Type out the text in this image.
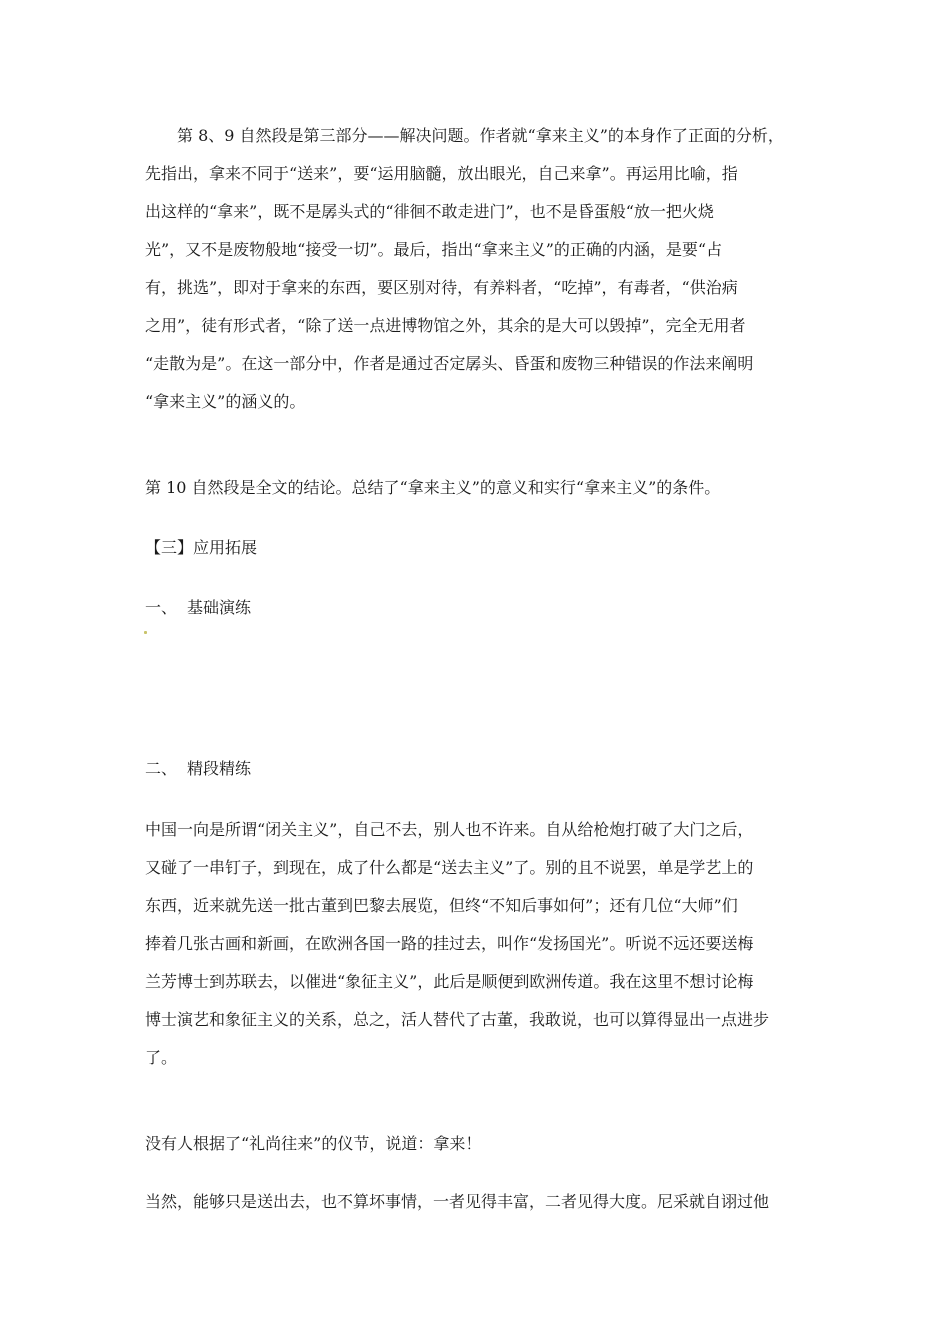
第 8、9 自然段是第三部分——解决问题。作者就“拿来主义”的本身作了正面的分析，
先指出，拿来不同于“送来”，要“运用脑髓，放出眼光，自己来拿”。再运用比喻，指
出这样的“拿来”，既不是孱头式的“徘徊不敢走进门”，也不是昏蛋般“放一把火烧
光”，又不是废物般地“接受一切”。最后，指出“拿来主义”的正确的内涵，是要“占
有，挑选”，即对于拿来的东西，要区别对待，有养料者，“吃掉”，有毒者，“供治病
之用”，徒有形式者，“除了送一点进博物馆之外，其余的是大可以毁掉”，完全无用者
“走散为是”。在这一部分中，作者是通过否定孱头、昏蛋和废物三种错误的作法来阐明
“拿来主义”的涵义的。

第 10 自然段是全文的结论。总结了“拿来主义”的意义和实行“拿来主义”的条件。

【三】应用拓展

一、 基础演练

二、 精段精练

中国一向是所谓“闭关主义”，自己不去，别人也不许来。自从给枪炮打破了大门之后，
又碰了一串钉子，到现在，成了什么都是“送去主义”了。别的且不说罢，单是学艺上的
东西，近来就先送一批古董到巴黎去展览，但终“不知后事如何”；还有几位“大师”们
捧着几张古画和新画，在欧洲各国一路的挂过去，叫作“发扬国光”。听说不远还要送梅
兰芳博士到苏联去，以催进“象征主义”，此后是顺便到欧洲传道。我在这里不想讨论梅
博士演艺和象征主义的关系，总之，活人替代了古董，我敢说，也可以算得显出一点进步
了。

没有人根据了“礼尚往来”的仪节，说道：拿来！

当然，能够只是送出去，也不算坏事情，一者见得丰富，二者见得大度。尼采就自诩过他
